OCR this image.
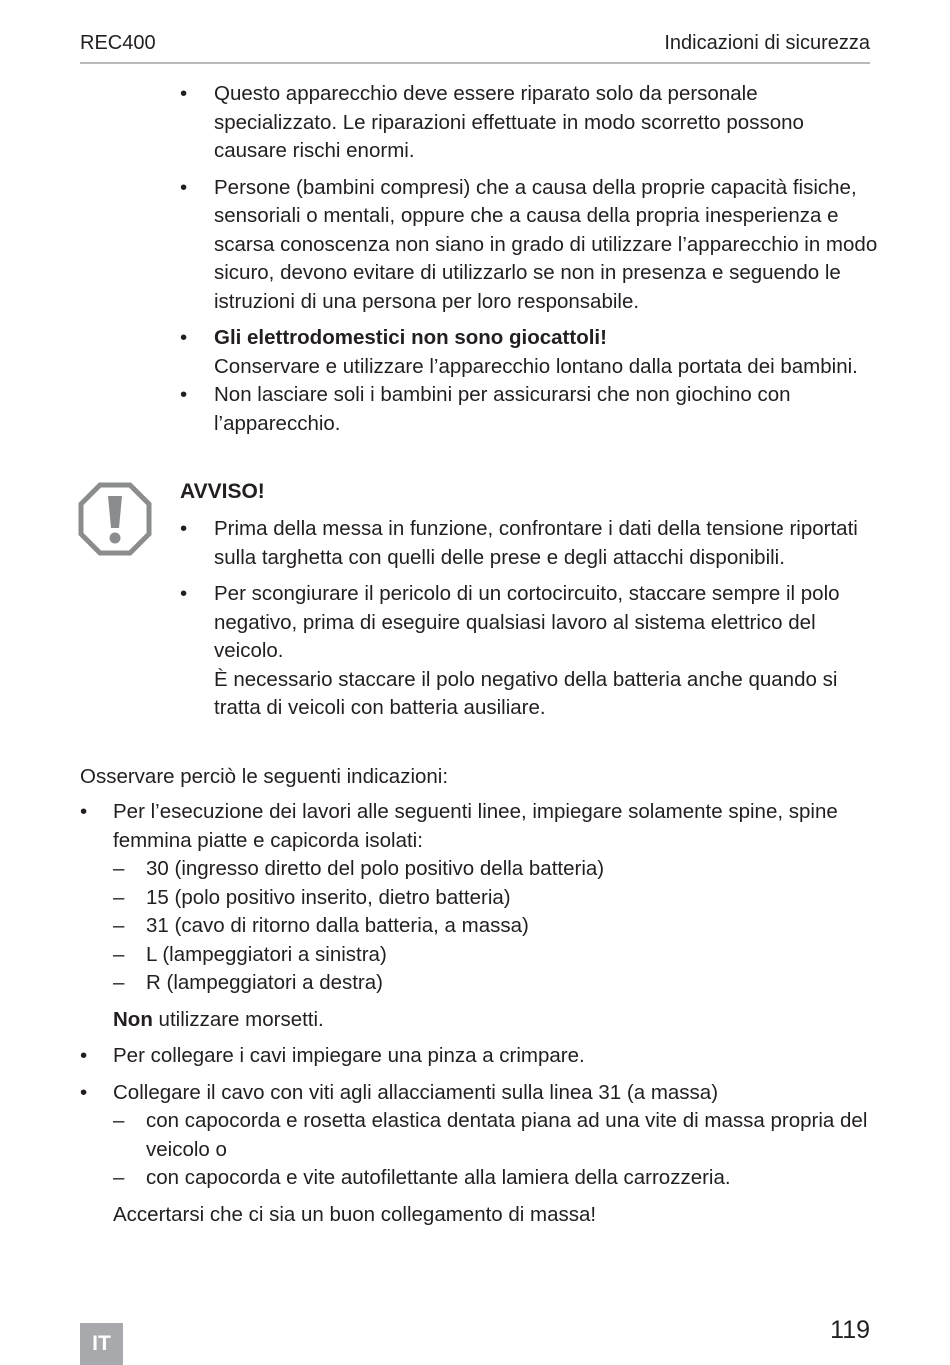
REC400	Indicazioni di sicurezza
• Questo apparecchio deve essere riparato solo da personale specializzato. Le riparazioni effettuate in modo scorretto possono causare rischi enormi.
• Persone (bambini compresi) che a causa della proprie capacità fisiche, sensoriali o mentali, oppure che a causa della propria inesperienza e scarsa conoscenza non siano in grado di utilizzare l’apparecchio in modo sicuro, devono evitare di utilizzarlo se non in presenza e seguendo le istruzioni di una persona per loro responsabile.
• Gli elettrodomestici non sono giocattoli!
Conservare e utilizzare l’apparecchio lontano dalla portata dei bambini.
• Non lasciare soli i bambini per assicurarsi che non giochino con l’apparecchio.
AVVISO!
• Prima della messa in funzione, confrontare i dati della tensione riportati sulla targhetta con quelli delle prese e degli attacchi disponibili.
• Per scongiurare il pericolo di un cortocircuito, staccare sempre il polo negativo, prima di eseguire qualsiasi lavoro al sistema elettrico del veicolo.
È necessario staccare il polo negativo della batteria anche quando si tratta di veicoli con batteria ausiliare.
Osservare perciò le seguenti indicazioni:
• Per l’esecuzione dei lavori alle seguenti linee, impiegare solamente spine, spine femmina piatte e capicorda isolati:
– 30 (ingresso diretto del polo positivo della batteria)
– 15 (polo positivo inserito, dietro batteria)
– 31 (cavo di ritorno dalla batteria, a massa)
– L (lampeggiatori a sinistra)
– R (lampeggiatori a destra)
Non utilizzare morsetti.
• Per collegare i cavi impiegare una pinza a crimpare.
• Collegare il cavo con viti agli allacciamenti sulla linea 31 (a massa)
– con capocorda e rosetta elastica dentata piana ad una vite di massa propria del veicolo o
– con capocorda e vite autofilettante alla lamiera della carrozzeria.
Accertarsi che ci sia un buon collegamento di massa!
IT	119
